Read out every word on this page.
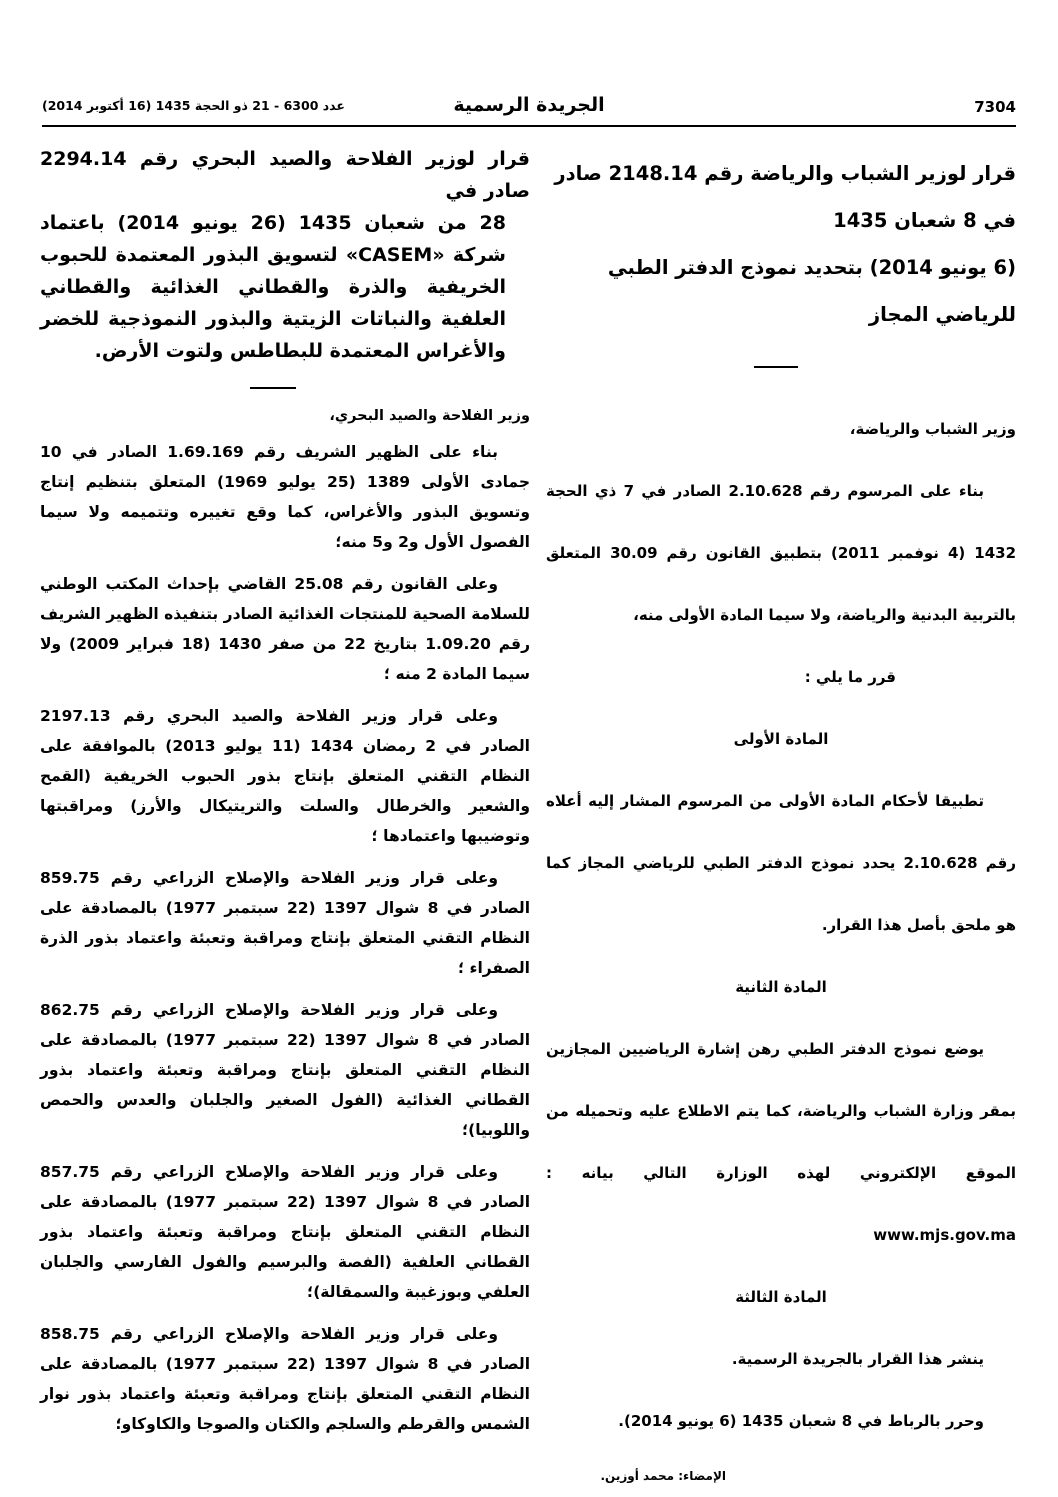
7304
الجريدة الرسمية
عدد 6300 - 21 ذو الحجة 1435 (16 أكتوبر 2014)

قرار لوزير الشباب والرياضة رقم 2148.14 صادر في 8 شعبان 1435

(6 يونيو 2014) بتحديد نموذج الدفتر الطبي للرياضي المجاز

وزير الشباب والرياضة،

بناء على المرسوم رقم 2.10.628 الصادر في 7 ذي الحجة 1432 (4 نوفمبر 2011) بتطبيق القانون رقم 30.09 المتعلق بالتربية البدنية والرياضة، ولا سيما المادة الأولى منه،

قرر ما يلي :

المادة الأولى

تطبيقا لأحكام المادة الأولى من المرسوم المشار إليه أعلاه رقم 2.10.628 يحدد نموذج الدفتر الطبي للرياضي المجاز كما هو ملحق بأصل هذا القرار.

المادة الثانية

يوضع نموذج الدفتر الطبي رهن إشارة الرياضيين المجازين بمقر وزارة الشباب والرياضة، كما يتم الاطلاع عليه وتحميله من الموقع الإلكتروني لهذه الوزارة التالي بيانه : www.mjs.gov.ma

المادة الثالثة

ينشر هذا القرار بالجريدة الرسمية.

وحرر بالرباط في 8 شعبان 1435 (6 يونيو 2014).

الإمضاء: محمد أوزين.

قرار لوزير الفلاحة والصيد البحري رقم 2294.14 صادر في
28 من شعبان 1435 (26 يونيو 2014) باعتماد شركة «CASEM» لتسويق البذور المعتمدة للحبوب الخريفية والذرة والقطاني الغذائية والقطاني العلفية والنباتات الزيتية والبذور النموذجية للخضر والأغراس المعتمدة للبطاطس ولتوت الأرض.

وزير الفلاحة والصيد البحري،

بناء على الظهير الشريف رقم 1.69.169 الصادر في 10 جمادى الأولى 1389 (25 يوليو 1969) المتعلق بتنظيم إنتاج وتسويق البذور والأغراس، كما وقع تغييره وتتميمه ولا سيما الفصول الأول و2 و5 منه؛

وعلى القانون رقم 25.08 القاضي بإحداث المكتب الوطني للسلامة الصحية للمنتجات الغذائية الصادر بتنفيذه الظهير الشريف رقم 1.09.20 بتاريخ 22 من صفر 1430 (18 فبراير 2009) ولا سيما المادة 2 منه ؛

وعلى قرار وزير الفلاحة والصيد البحري رقم 2197.13 الصادر في 2 رمضان 1434 (11 يوليو 2013) بالموافقة على النظام التقني المتعلق بإنتاج بذور الحبوب الخريفية (القمح والشعير والخرطال والسلت والتريتيكال والأرز) ومراقبتها وتوضيبها واعتمادها ؛

وعلى قرار وزير الفلاحة والإصلاح الزراعي رقم 859.75 الصادر في 8 شوال 1397 (22 سبتمبر 1977) بالمصادقة على النظام التقني المتعلق بإنتاج ومراقبة وتعبئة واعتماد بذور الذرة الصفراء ؛

وعلى قرار وزير الفلاحة والإصلاح الزراعي رقم 862.75 الصادر في 8 شوال 1397 (22 سبتمبر 1977) بالمصادقة على النظام التقني المتعلق بإنتاج ومراقبة وتعبئة واعتماد بذور القطاني الغذائية (الفول الصغير والجلبان والعدس والحمص واللوبيا)؛

وعلى قرار وزير الفلاحة والإصلاح الزراعي رقم 857.75 الصادر في 8 شوال 1397 (22 سبتمبر 1977) بالمصادقة على النظام التقني المتعلق بإنتاج ومراقبة وتعبئة واعتماد بذور القطاني العلفية (الفصة والبرسيم والفول الفارسي والجلبان العلفي وبوزغيبة والسمقالة)؛

وعلى قرار وزير الفلاحة والإصلاح الزراعي رقم 858.75 الصادر في 8 شوال 1397 (22 سبتمبر 1977) بالمصادقة على النظام التقني المتعلق بإنتاج ومراقبة وتعبئة واعتماد بذور نوار الشمس والقرطم والسلجم والكتان والصوجا والكاوكاو؛
